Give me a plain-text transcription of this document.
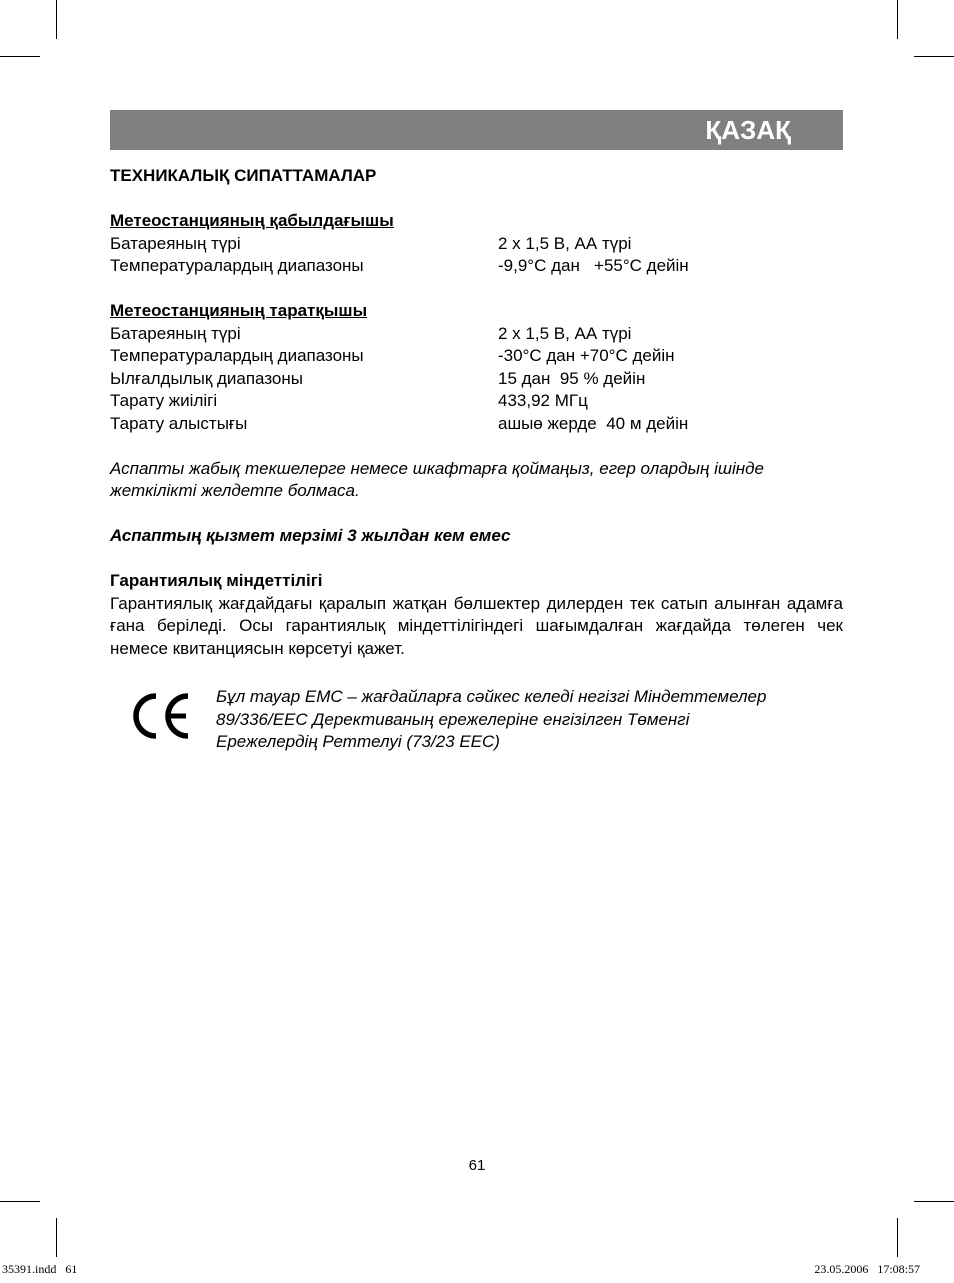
ҚАЗАҚ
ТЕХНИКАЛЫҚ СИПАТТАМАЛАР
Метеостанцияның қабылдағышы
Батареяның түрі	2 х 1,5 В, АА түрі
Температуралардың диапазоны	-9,9°С дан   +55°С дейін
Метеостанцияның таратқышы
Батареяның түрі	2 х 1,5 В, АА түрі
Температуралардың диапазоны	-30°С дан +70°С дейін
Ылғалдылық диапазоны	15 дан  95 % дейін
Тарату жиілігі	433,92 МГц
Тарату алыстығы	ашыө жерде  40 м дейін
Аспапты жабық текшелерге немесе шкафтарға қоймаңыз, егер олардың ішінде
жеткілікті желдетпе болмаса.
Аспаптың қызмет мерзімі 3 жылдан кем емес
Гарантиялық міндеттілігі
Гарантиялық жағдайдағы қаралып жатқан бөлшектер дилерден тек сатып алынған адамға ғана беріледі. Осы гарантиялық міндеттілігіндегі шағымдалған жағдайда төлеген чек немесе квитанциясын көрсетуі қажет.
Бұл тауар ЕМС – жағдайларға сәйкес келеді негізгі Міндеттемелер
89/336/ЕЕС Дерективаның ережелеріне енгізілген Төменгі
Ережелердің Реттелуі (73/23 ЕЕС)
61
35391.indd   61	23.05.2006   17:08:57
